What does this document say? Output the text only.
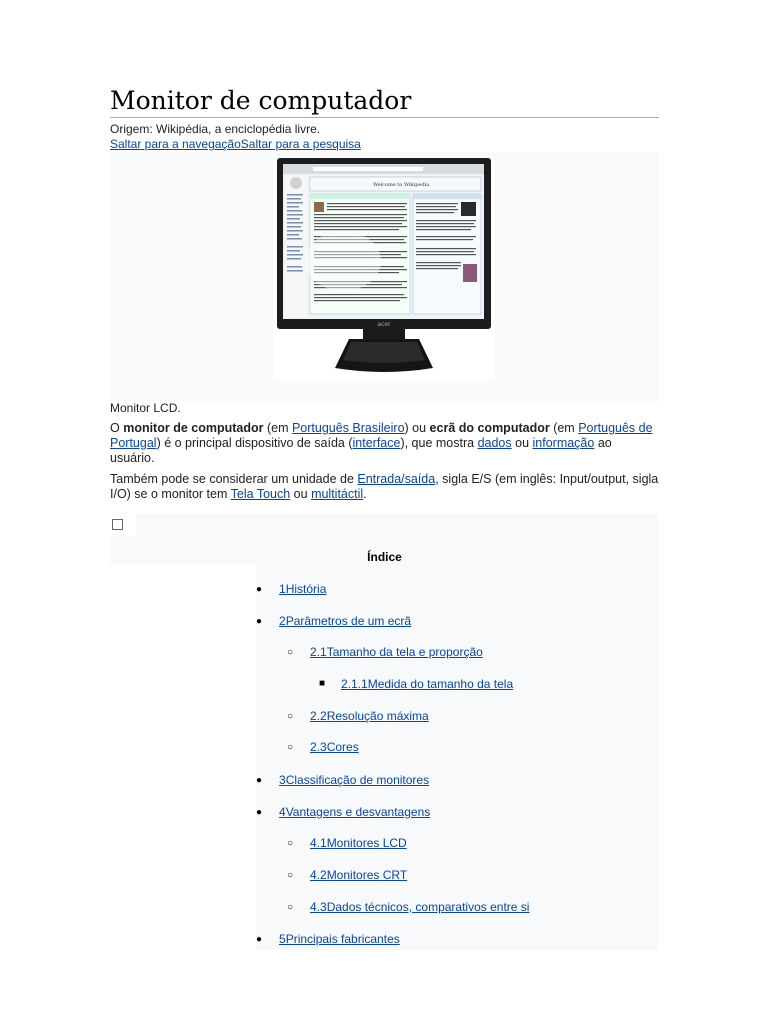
Monitor de computador
Origem: Wikipédia, a enciclopédia livre.
Saltar para a navegaçãoSaltar para a pesquisa
Welcome to Wikipedia
acer
Monitor LCD.

O monitor de computador (em Português Brasileiro) ou ecrã do computador (em Português de Portugal) é o principal dispositivo de saída (interface), que mostra dados ou informação ao usuário.

Também pode se considerar um unidade de Entrada/saída, sigla E/S (em inglês: Input/output, sigla I/O) se o monitor tem Tela Touch ou multitáctil.

Índice
● 1História
● 2Parâmetros de um ecrã
○ 2.1Tamanho da tela e proporção
■ 2.1.1Medida do tamanho da tela
○ 2.2Resolução máxima
○ 2.3Cores
● 3Classificação de monitores
● 4Vantagens e desvantagens
○ 4.1Monitores LCD
○ 4.2Monitores CRT
○ 4.3Dados técnicos, comparativos entre si
● 5Principais fabricantes
